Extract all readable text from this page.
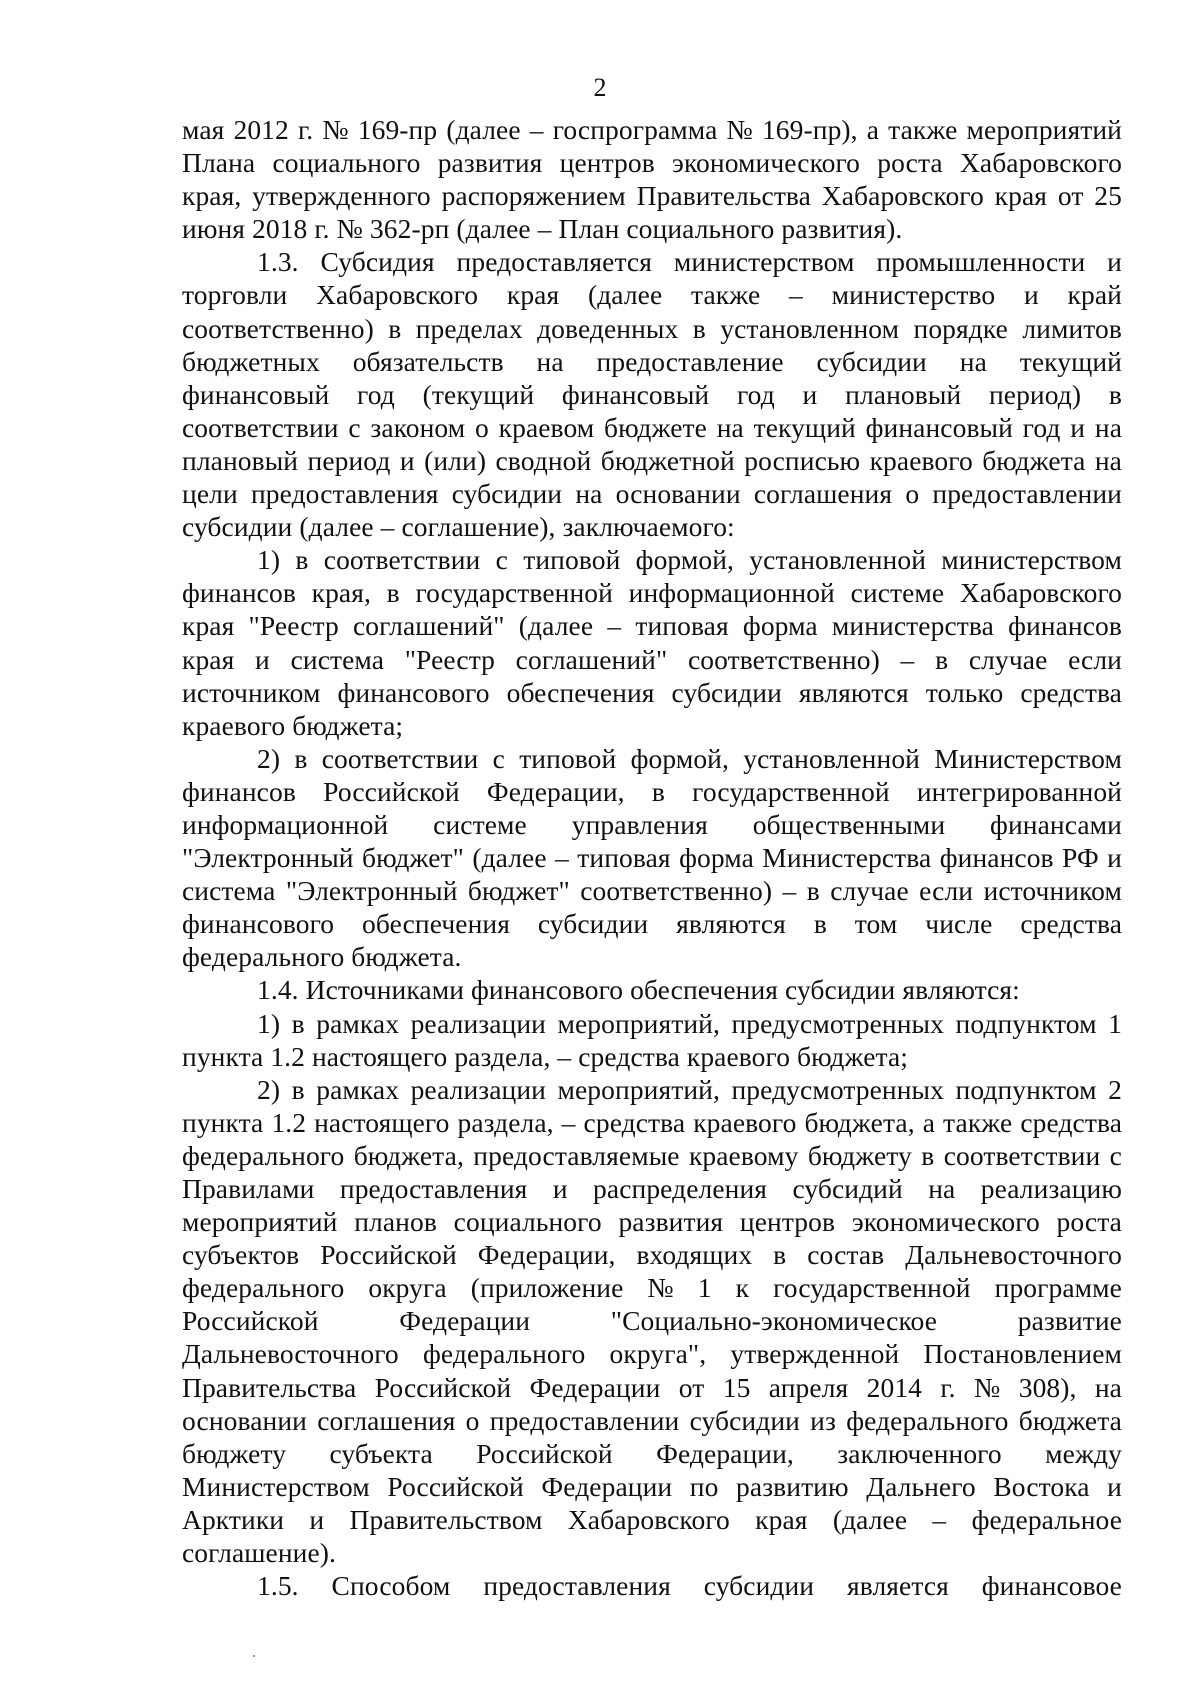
2
мая 2012 г. № 169-пр (далее – госпрограмма № 169-пр), а также мероприятий
Плана социального развития центров экономического роста Хабаровского
края, утвержденного распоряжением Правительства Хабаровского края от 25
июня 2018 г. № 362-рп (далее – План социального развития).
1.3. Субсидия предоставляется министерством промышленности и
торговли Хабаровского края (далее также – министерство и край
соответственно) в пределах доведенных в установленном порядке лимитов
бюджетных обязательств на предоставление субсидии на текущий
финансовый год (текущий финансовый год и плановый период) в
соответствии с законом о краевом бюджете на текущий финансовый год и на
плановый период и (или) сводной бюджетной росписью краевого бюджета на
цели предоставления субсидии на основании соглашения о предоставлении
субсидии (далее – соглашение), заключаемого:
1) в соответствии с типовой формой, установленной министерством
финансов края, в государственной информационной системе Хабаровского
края "Реестр соглашений" (далее – типовая форма министерства финансов
края и система "Реестр соглашений" соответственно) – в случае если
источником финансового обеспечения субсидии являются только средства
краевого бюджета;
2) в соответствии с типовой формой, установленной Министерством
финансов Российской Федерации, в государственной интегрированной
информационной системе управления общественными финансами
"Электронный бюджет" (далее – типовая форма Министерства финансов РФ и
система "Электронный бюджет" соответственно) – в случае если источником
финансового обеспечения субсидии являются в том числе средства
федерального бюджета.
1.4. Источниками финансового обеспечения субсидии являются:
1) в рамках реализации мероприятий, предусмотренных подпунктом 1
пункта 1.2 настоящего раздела, – средства краевого бюджета;
2) в рамках реализации мероприятий, предусмотренных подпунктом 2
пункта 1.2 настоящего раздела, – средства краевого бюджета, а также средства
федерального бюджета, предоставляемые краевому бюджету в соответствии с
Правилами предоставления и распределения субсидий на реализацию
мероприятий планов социального развития центров экономического роста
субъектов Российской Федерации, входящих в состав Дальневосточного
федерального округа (приложение № 1 к государственной программе
Российской Федерации "Социально-экономическое развитие
Дальневосточного федерального округа", утвержденной Постановлением
Правительства Российской Федерации от 15 апреля 2014 г. № 308), на
основании соглашения о предоставлении субсидии из федерального бюджета
бюджету субъекта Российской Федерации, заключенного между
Министерством Российской Федерации по развитию Дальнего Востока и
Арктики и Правительством Хабаровского края (далее – федеральное
соглашение).
1.5. Способом предоставления субсидии является финансовое
